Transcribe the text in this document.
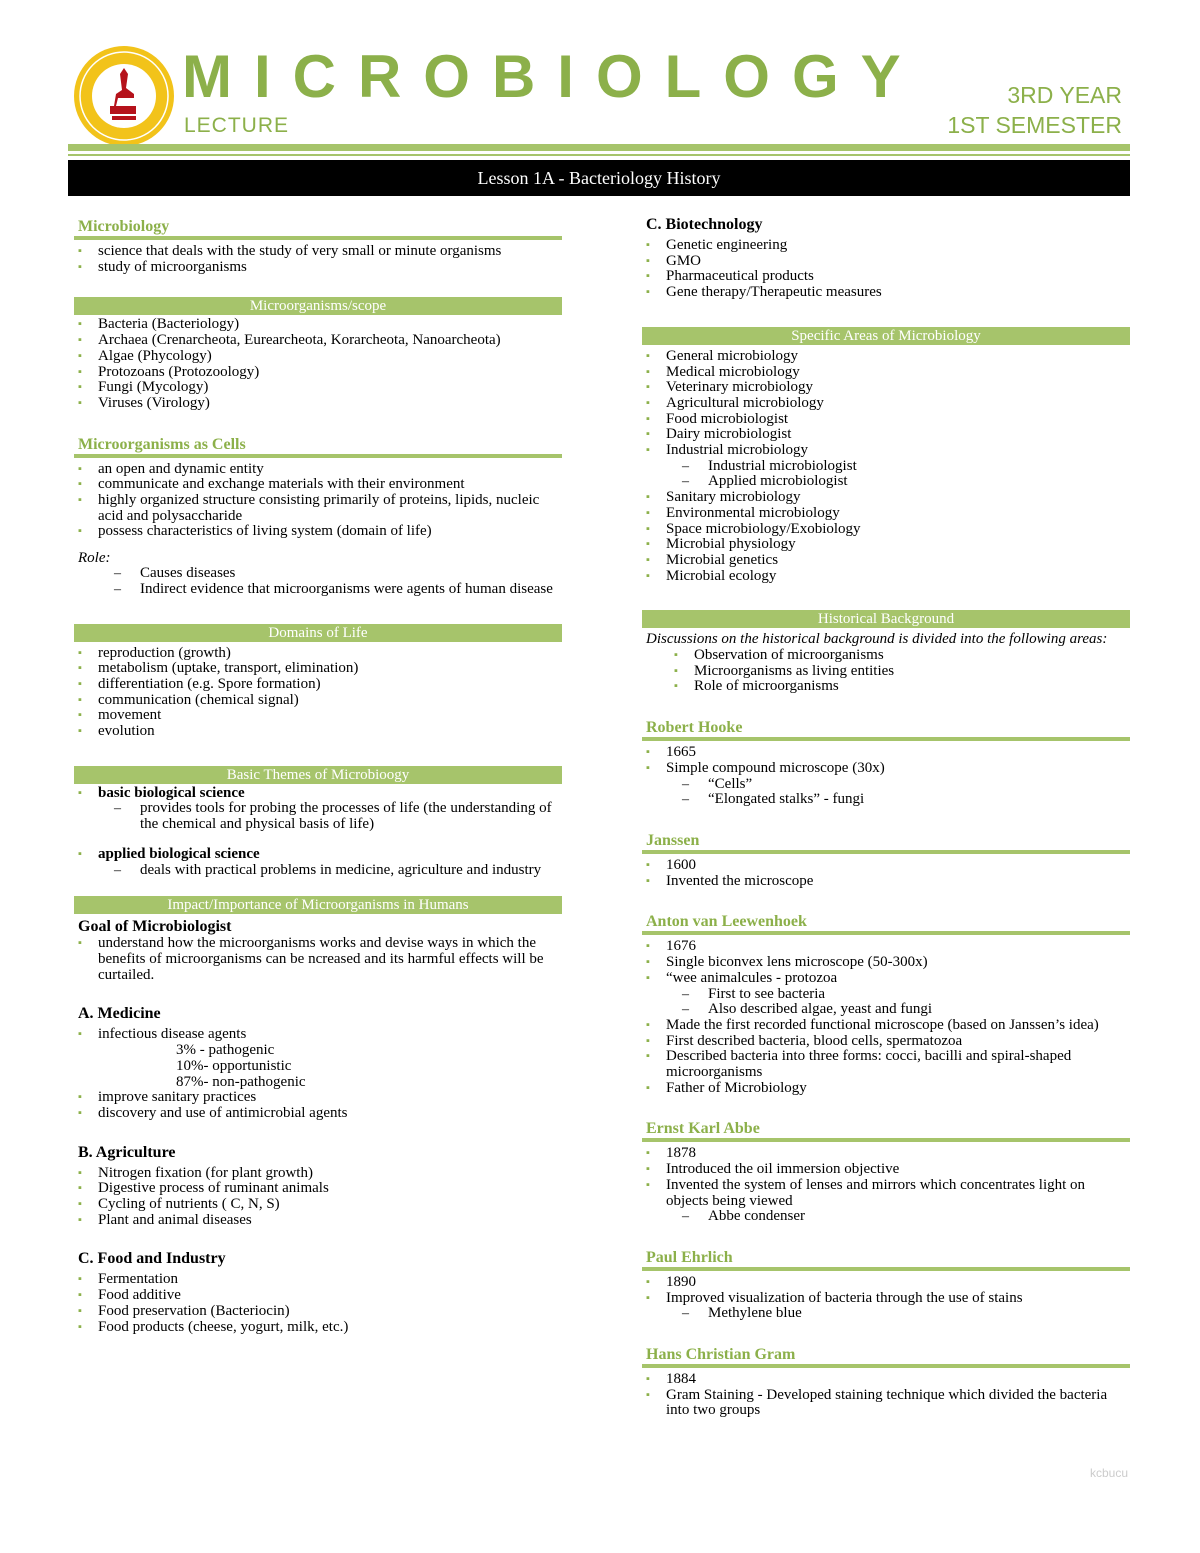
MICROBIOLOGY
LECTURE
3RD YEAR
1ST SEMESTER
Lesson 1A - Bacteriology History
Microbiology
▪ science that deals with the study of very small or minute organisms
▪ study of microorganisms
Microorganisms/scope
▪ Bacteria (Bacteriology)
▪ Archaea (Crenarcheota, Eurearcheota, Korarcheota, Nanoarcheota)
▪ Algae (Phycology)
▪ Protozoans (Protozoology)
▪ Fungi (Mycology)
▪ Viruses (Virology)
Microorganisms as Cells
▪ an open and dynamic entity
▪ communicate and exchange materials with their environment
▪ highly organized structure consisting primarily of proteins, lipids, nucleic acid and polysaccharide
▪ possess characteristics of living system (domain of life)
Role:
– Causes diseases
– Indirect evidence that microorganisms were agents of human disease
Domains of Life
▪ reproduction (growth)
▪ metabolism (uptake, transport, elimination)
▪ differentiation (e.g. Spore formation)
▪ communication (chemical signal)
▪ movement
▪ evolution
Basic Themes of Microbioogy
▪ basic biological science
– provides tools for probing the processes of life (the understanding of the chemical and physical basis of life)
▪ applied biological science
– deals with practical problems in medicine, agriculture and industry
Impact/Importance of Microorganisms in Humans
Goal of Microbiologist
▪ understand how the microorganisms works and devise ways in which the benefits of microorganisms can be ncreased and its harmful effects will be curtailed.
A. Medicine
▪ infectious disease agents
3% - pathogenic
10%- opportunistic
87%- non-pathogenic
▪ improve sanitary practices
▪ discovery and use of antimicrobial agents
B. Agriculture
▪ Nitrogen fixation (for plant growth)
▪ Digestive process of ruminant animals
▪ Cycling of nutrients ( C, N, S)
▪ Plant and animal diseases
C. Food and Industry
▪ Fermentation
▪ Food additive
▪ Food preservation (Bacteriocin)
▪ Food products (cheese, yogurt, milk, etc.)
C. Biotechnology
▪ Genetic engineering
▪ GMO
▪ Pharmaceutical products
▪ Gene therapy/Therapeutic measures
Specific Areas of Microbiology
▪ General microbiology
▪ Medical microbiology
▪ Veterinary microbiology
▪ Agricultural microbiology
▪ Food microbiologist
▪ Dairy microbiologist
▪ Industrial microbiology
– Industrial microbiologist
– Applied microbiologist
▪ Sanitary microbiology
▪ Environmental microbiology
▪ Space microbiology/Exobiology
▪ Microbial physiology
▪ Microbial genetics
▪ Microbial ecology
Historical Background
Discussions on the historical background is divided into the following areas:
▪ Observation of microorganisms
▪ Microorganisms as living entities
▪ Role of microorganisms
Robert Hooke
▪ 1665
▪ Simple compound microscope (30x)
– “Cells”
– “Elongated stalks” - fungi
Janssen
▪ 1600
▪ Invented the microscope
Anton van Leewenhoek
▪ 1676
▪ Single biconvex lens microscope (50-300x)
▪ “wee animalcules - protozoa
– First to see bacteria
– Also described algae, yeast and fungi
▪ Made the first recorded functional microscope (based on Janssen’s idea)
▪ First described bacteria, blood cells, spermatozoa
▪ Described bacteria into three forms: cocci, bacilli and spiral-shaped microorganisms
▪ Father of Microbiology
Ernst Karl Abbe
▪ 1878
▪ Introduced the oil immersion objective
▪ Invented the system of lenses and mirrors which concentrates light on objects being viewed
– Abbe condenser
Paul Ehrlich
▪ 1890
▪ Improved visualization of bacteria through the use of stains
– Methylene blue
Hans Christian Gram
▪ 1884
▪ Gram Staining - Developed staining technique which divided the bacteria into two groups
kcbucu
